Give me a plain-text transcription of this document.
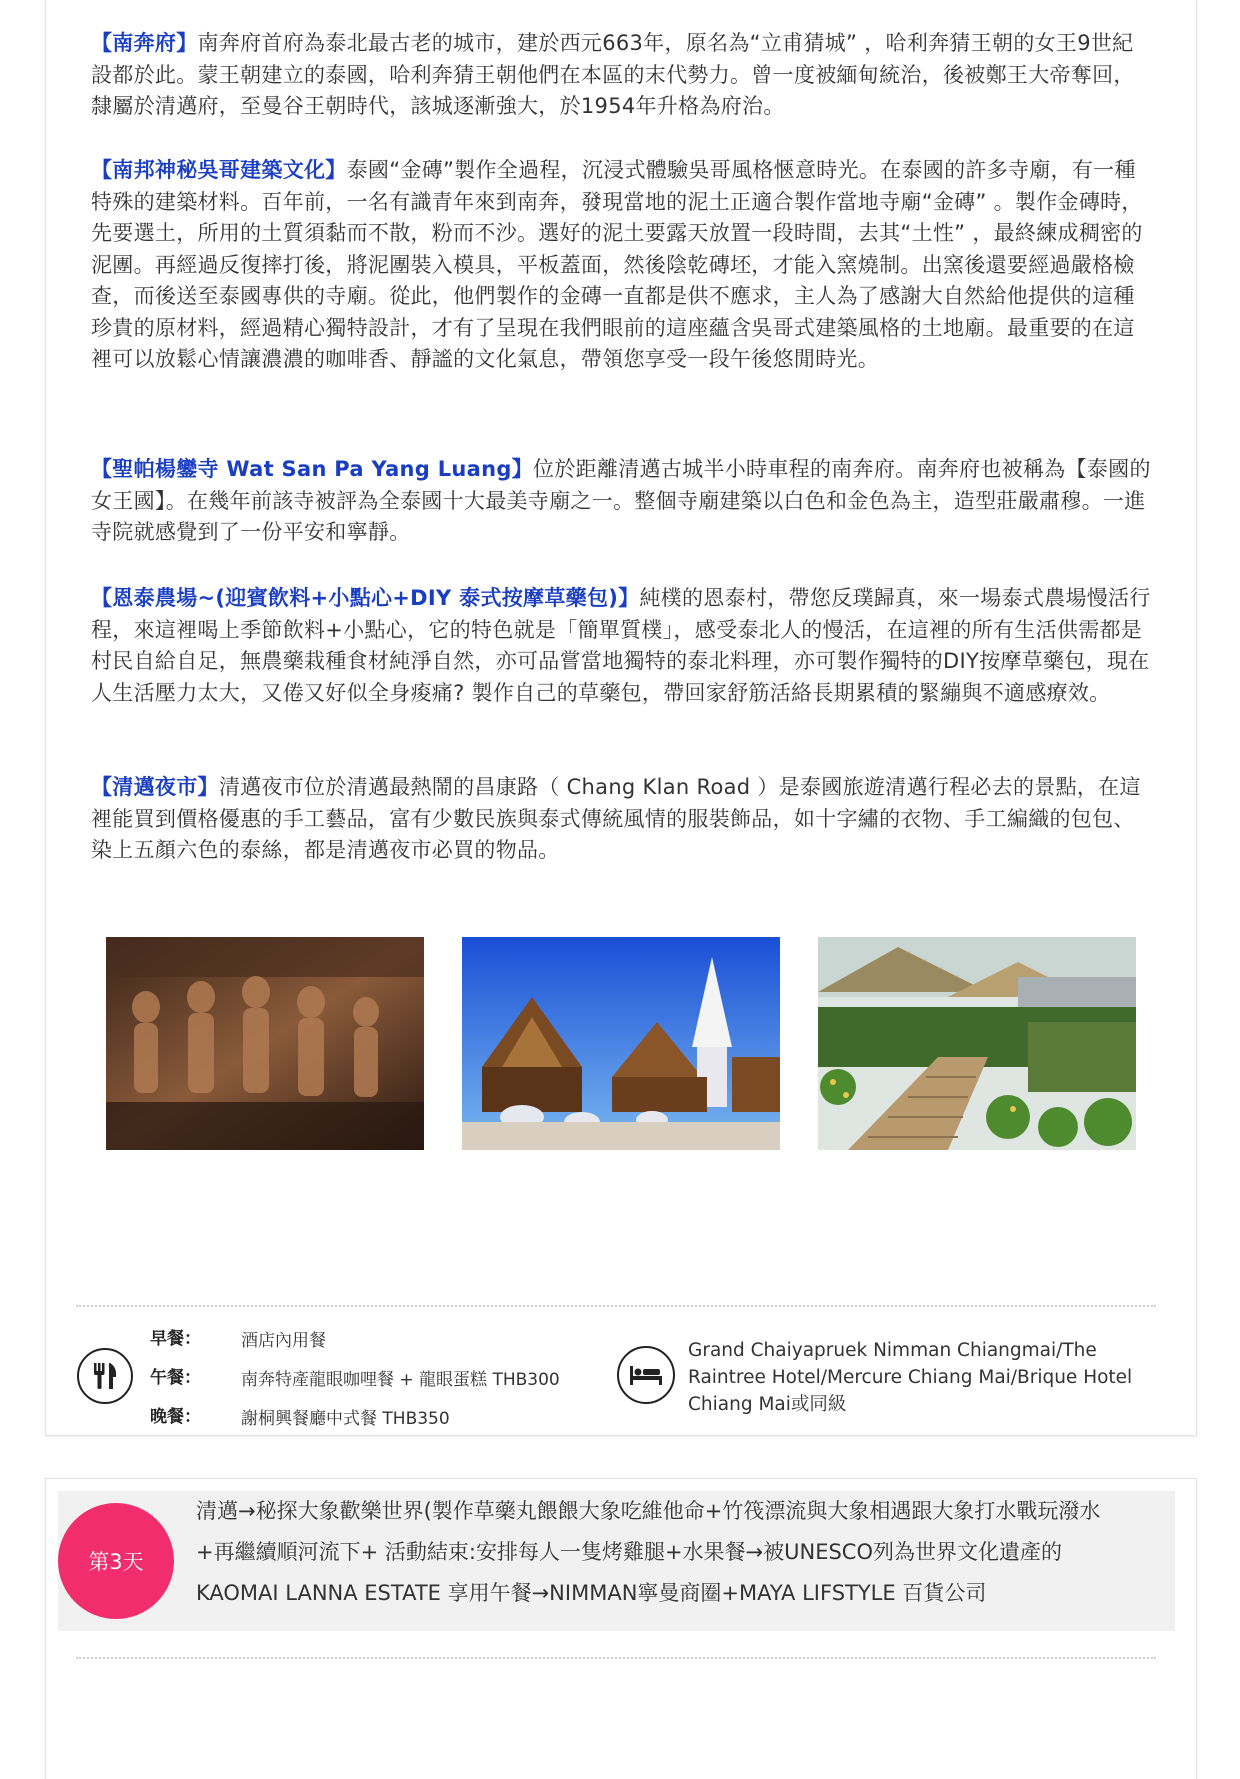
【南奔府】南奔府首府為泰北最古老的城市，建於西元663年，原名為“立甫猜城” ，哈利奔猜王朝的女王9世紀設都於此。蒙王朝建立的泰國，哈利奔猜王朝他們在本區的末代勢力。曾一度被緬甸統治，後被鄭王大帝奪回，隸屬於清邁府，至曼谷王朝時代，該城逐漸強大，於1954年升格為府治。

【南邦神秘吳哥建築文化】泰國“金磚”製作全過程，沉浸式體驗吳哥風格愜意時光。在泰國的許多寺廟，有一種特殊的建築材料。百年前，一名有識青年來到南奔，發現當地的泥土正適合製作當地寺廟“金磚” 。製作金磚時，先要選土，所用的土質須黏而不散，粉而不沙。選好的泥土要露天放置一段時間，去其“土性” ，最終練成稠密的泥團。再經過反復摔打後，將泥團裝入模具，平板蓋面，然後陰乾磚坯，才能入窯燒制。出窯後還要經過嚴格檢查，而後送至泰國專供的寺廟。從此，他們製作的金磚一直都是供不應求，主人為了感謝大自然給他提供的這種珍貴的原材料，經過精心獨特設計，才有了呈現在我們眼前的這座蘊含吳哥式建築風格的土地廟。最重要的在這裡可以放鬆心情讓濃濃的咖啡香、靜謐的文化氣息，帶領您享受一段午後悠閒時光。

【聖帕楊鑾寺 Wat San Pa Yang Luang】位於距離清邁古城半小時車程的南奔府。南奔府也被稱為【泰國的女王國】。在幾年前該寺被評為全泰國十大最美寺廟之一。整個寺廟建築以白色和金色為主，造型莊嚴肅穆。一進寺院就感覺到了一份平安和寧靜。

【恩泰農場~(迎賓飲料+小點心+DIY 泰式按摩草藥包)】純樸的恩泰村，帶您反璞歸真，來一場泰式農場慢活行程，來這裡喝上季節飲料+小點心，它的特色就是「簡單質樸」，感受泰北人的慢活，在這裡的所有生活供需都是村民自給自足，無農藥栽種食材純淨自然，亦可品嘗當地獨特的泰北料理，亦可製作獨特的DIY按摩草藥包，現在人生活壓力太大，又倦又好似全身痠痛? 製作自己的草藥包，帶回家舒筋活絡長期累積的緊繃與不適感療效。

【清邁夜市】清邁夜市位於清邁最熱鬧的昌康路（ Chang Klan Road ）是泰國旅遊清邁行程必去的景點，在這裡能買到價格優惠的手工藝品，富有少數民族與泰式傳統風情的服裝飾品，如十字繡的衣物、手工編織的包包、染上五顏六色的泰絲，都是清邁夜市必買的物品。

早餐： 酒店內用餐
午餐： 南奔特產龍眼咖哩餐 + 龍眼蛋糕 THB300
晚餐： 謝桐興餐廳中式餐 THB350
Grand Chaiyapruek Nimman Chiangmai/The Raintree Hotel/Mercure Chiang Mai/Brique Hotel Chiang Mai或同級
第3天
清邁→秘探大象歡樂世界(製作草藥丸餵餵大象吃維他命+竹筏漂流與大象相遇跟大象打水戰玩潑水
+再繼續順河流下+ 活動結束:安排每人一隻烤雞腿+水果餐→被UNESCO列為世界文化遺產的
KAOMAI LANNA ESTATE 享用午餐→NIMMAN寧曼商圈+MAYA LIFSTYLE 百貨公司
